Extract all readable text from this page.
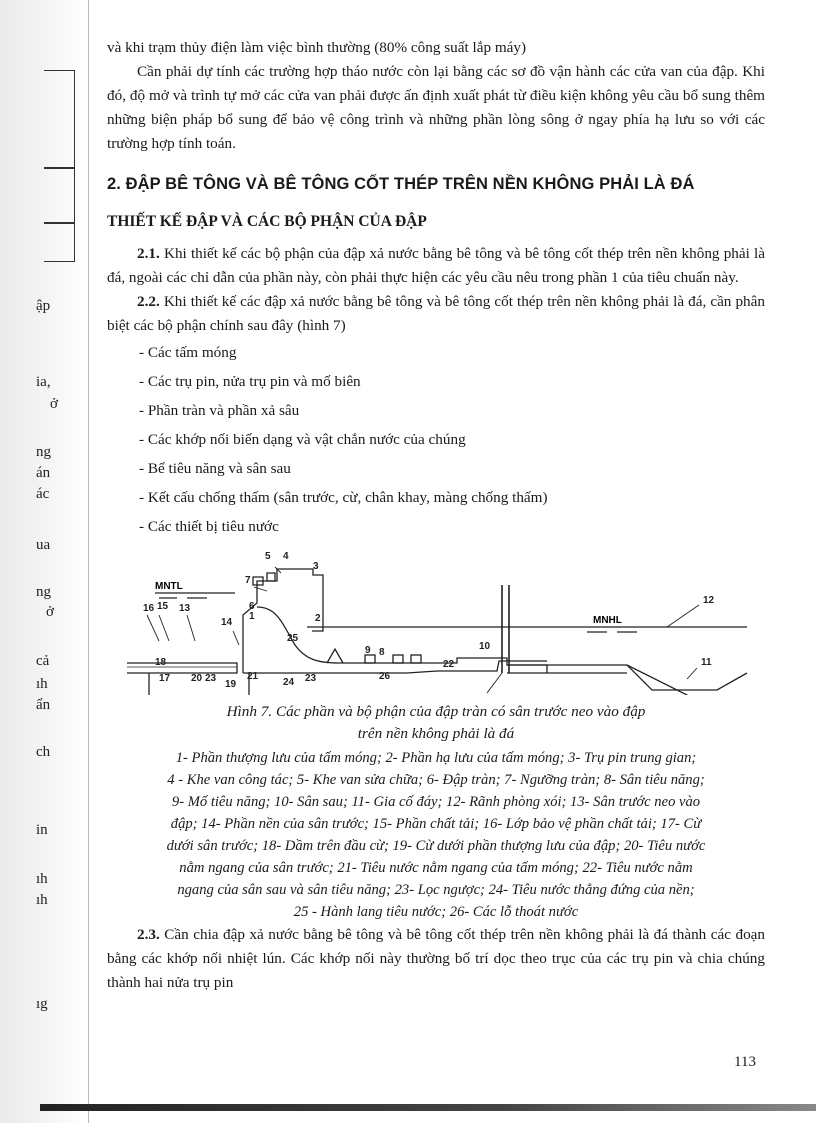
ập
ia,
ở
ng
án
ác
ua
ng
ở
cả
ıh
ẩn
ch
in
ıh
ıh
ıg

và khi trạm thủy điện làm việc bình thường (80% công suất lắp máy)

Cần phải dự tính các trường hợp tháo nước còn lại bằng các sơ đồ vận hành các cửa van của đập. Khi đó, độ mở và trình tự mở các cửa van phải được ấn định xuất phát từ điều kiện không yêu cầu bổ sung thêm những biện pháp bổ sung để bảo vệ công trình và những phần lòng sông ở ngay phía hạ lưu so với các trường hợp tính toán.

2. ĐẬP BÊ TÔNG VÀ BÊ TÔNG CỐT THÉP TRÊN NỀN KHÔNG PHẢI LÀ ĐÁ
THIẾT KẾ ĐẬP VÀ CÁC BỘ PHẬN CỦA ĐẬP

2.1. Khi thiết kế các bộ phận của đập xả nước bằng bê tông và bê tông cốt thép trên nền không phải là đá, ngoài các chỉ dẫn của phần này, còn phải thực hiện các yêu cầu nêu trong phần 1 của tiêu chuẩn này.

2.2. Khi thiết kế các đập xả nước bằng bê tông và bê tông cốt thép trên nền không phải là đá, cần phân biệt các bộ phận chính sau đây (hình 7)

- Các tấm móng
- Các trụ pin, nửa trụ pin và mố biên
- Phần tràn và phần xả sâu
- Các khớp nối biến dạng và vật chắn nước của chúng
- Bể tiêu năng và sân sau
- Kết cấu chống thấm (sân trước, cừ, chân khay, màng chống thấm)
- Các thiết bị tiêu nước
MNTL
MNHL
16 15 13
14
7
6
1
5 4
3
2
25
9 8
10
12
11
18
17 20 23
19
21
24 23	26
22
Hình 7. Các phần và bộ phận của đập tràn có sân trước neo vào đập
trên nền không phải là đá
1- Phần thượng lưu của tấm móng; 2- Phần hạ lưu của tấm móng; 3- Trụ pin trung gian;
4 - Khe van công tác; 5- Khe van sửa chữa; 6- Đập tràn; 7- Ngưỡng tràn; 8- Sân tiêu năng;
9- Mố tiêu năng; 10- Sân sau; 11- Gia cố đáy; 12- Rãnh phòng xói; 13- Sân trước neo vào
đập; 14- Phần nền của sân trước; 15- Phần chất tải; 16- Lớp bảo vệ phần chất tải; 17- Cừ
dưới sân trước; 18- Dầm trên đầu cừ; 19- Cừ dưới phần thượng lưu của đập; 20- Tiêu nước
nằm ngang của sân trước; 21- Tiêu nước nằm ngang của tấm móng; 22- Tiêu nước nằm
ngang của sân sau và sân tiêu năng; 23- Lọc ngược; 24- Tiêu nước thẳng đứng của nền;
25 - Hành lang tiêu nước; 26- Các lỗ thoát nước

2.3. Cần chia đập xả nước bằng bê tông và bê tông cốt thép trên nền không phải là đá thành các đoạn bằng các khớp nối nhiệt lún. Các khớp nối này thường bố trí dọc theo trục của các trụ pin và chia chúng thành hai nửa trụ pin

113
